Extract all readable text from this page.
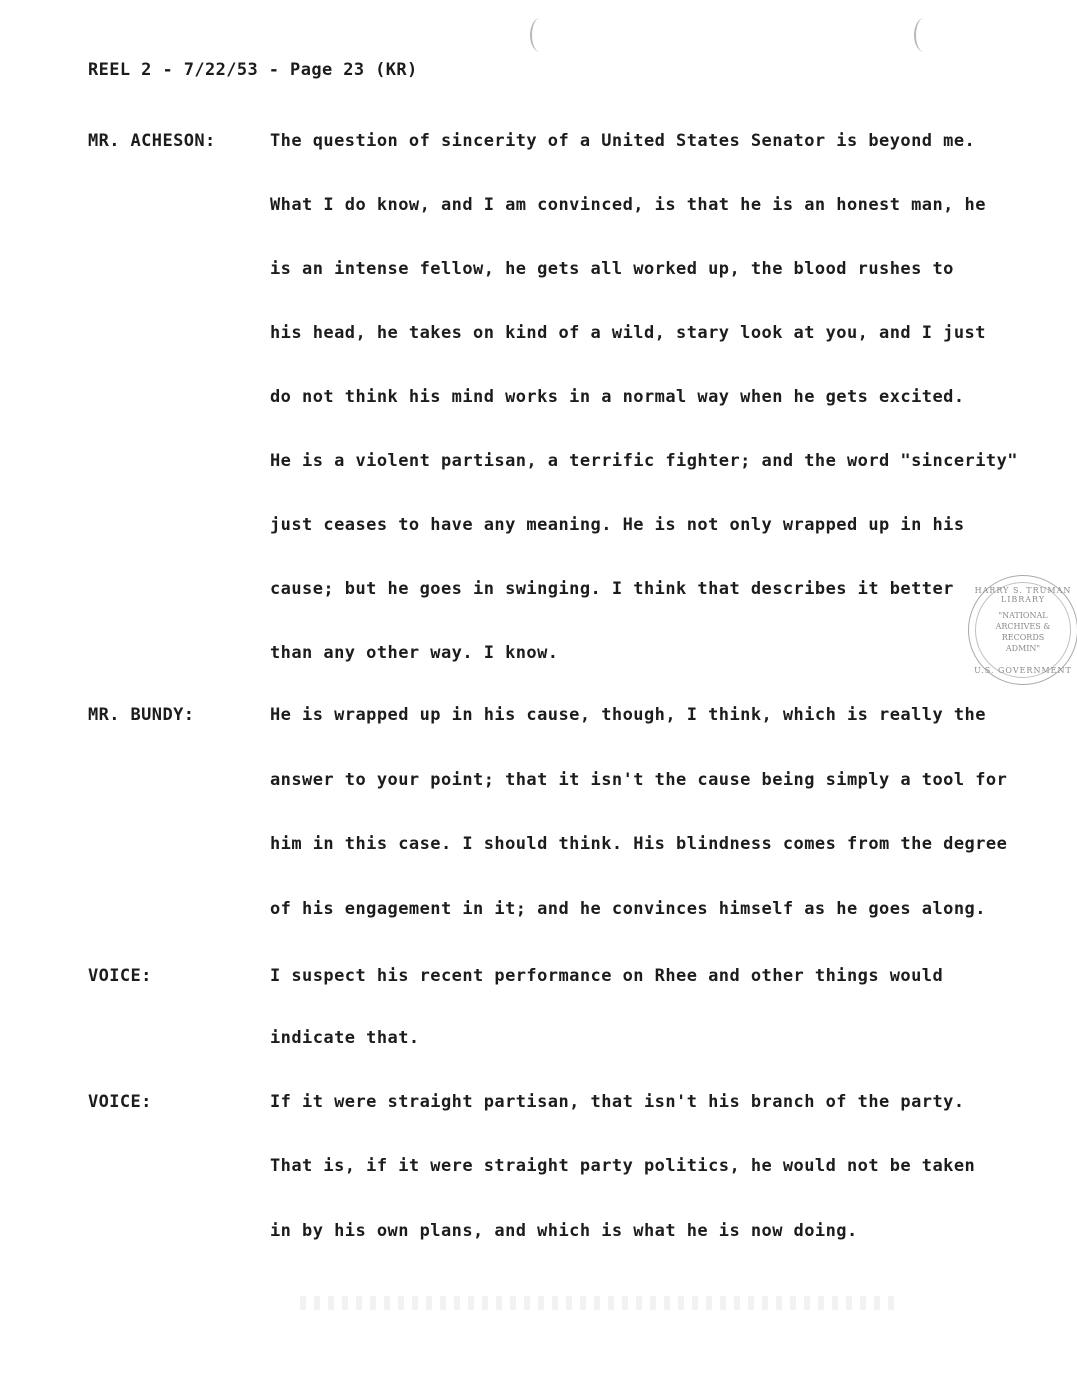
REEL 2 - 7/22/53 - Page 23 (KR)
MR. ACHESON:
MR. BUNDY:
VOICE:
VOICE:
The question of sincerity of a United States Senator is beyond me.
What I do know, and I am convinced, is that he is an honest man, he
is an intense fellow, he gets all worked up, the blood rushes to
his head, he takes on kind of a wild, stary look at you, and I just
do not think his mind works in a normal way when he gets excited.
He is a violent partisan, a terrific fighter; and the word "sincerity"
just ceases to have any meaning. He is not only wrapped up in his
cause; but he goes in swinging. I think that describes it better
than any other way. I know.
He is wrapped up in his cause, though, I think, which is really the
answer to your point; that it isn't the cause being simply a tool for
him in this case. I should think. His blindness comes from the degree
of his engagement in it; and he convinces himself as he goes along.
I suspect his recent performance on Rhee and other things would
indicate that.
If it were straight partisan, that isn't his branch of the party.
That is, if it were straight party politics, he would not be taken
in by his own plans, and which is what he is now doing.
HARRY S. TRUMAN LIBRARY
"NATIONAL ARCHIVES & RECORDS ADMIN"
U.S. GOVERNMENT
